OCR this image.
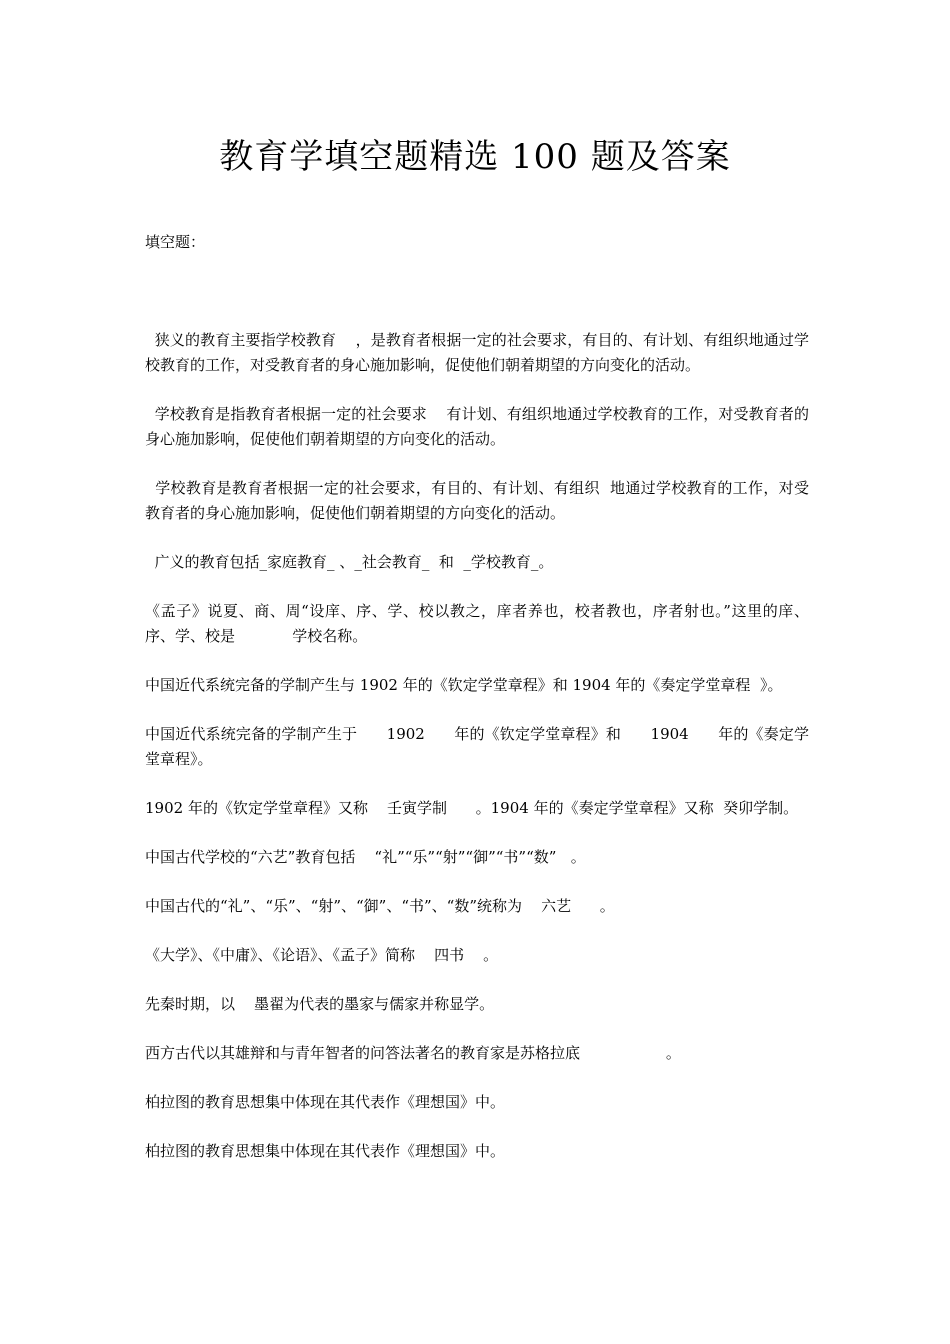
教育学填空题精选 100 题及答案
填空题：

狭义的教育主要指学校教育    ，是教育者根据一定的社会要求，有目的、有计划、有组织地通过学校教育的工作，对受教育者的身心施加影响，促使他们朝着期望的方向变化的活动。

学校教育是指教育者根据一定的社会要求    有计划、有组织地通过学校教育的工作，对受教育者的身心施加影响，促使他们朝着期望的方向变化的活动。

学校教育是教育者根据一定的社会要求，有目的、有计划、有组织  地通过学校教育的工作，对受教育者的身心施加影响，促使他们朝着期望的方向变化的活动。

广义的教育包括_家庭教育_ 、_社会教育_  和  _学校教育_。

《孟子》说夏、商、周“设庠、序、学、校以教之，庠者养也，校者教也，序者射也。”这里的庠、序、学、校是            学校名称。

中国近代系统完备的学制产生与 1902 年的《钦定学堂章程》和 1904 年的《奏定学堂章程  》。

中国近代系统完备的学制产生于      1902      年的《钦定学堂章程》和      1904      年的《奏定学堂章程》。

1902 年的《钦定学堂章程》又称    壬寅学制      。1904 年的《奏定学堂章程》又称  癸卯学制。

中国古代学校的“六艺”教育包括    “礼”“乐”“射”“御”“书”“数”   。

中国古代的“礼”、“乐”、“射”、“御”、“书”、“数”统称为    六艺      。

《大学》、《中庸》、《论语》、《孟子》简称    四书    。

先秦时期，以    墨翟为代表的墨家与儒家并称显学。

西方古代以其雄辩和与青年智者的问答法著名的教育家是苏格拉底                  。

柏拉图的教育思想集中体现在其代表作《理想国》中。

柏拉图的教育思想集中体现在其代表作《理想国》中。
